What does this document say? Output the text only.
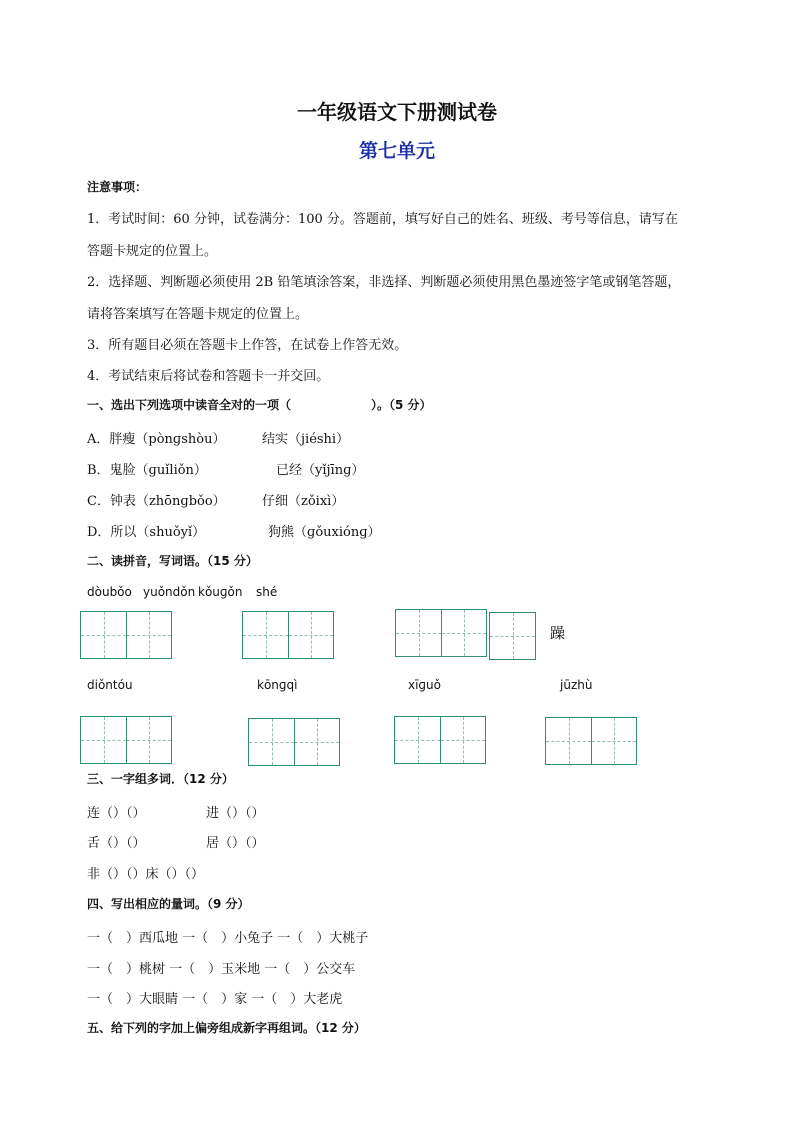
一年级语文下册测试卷
第七单元
注意事项：
1．考试时间：60 分钟，试卷满分：100 分。答题前，填写好自己的姓名、班级、考号等信息，请写在
答题卡规定的位置上。
2．选择题、判断题必须使用 2B 铅笔填涂答案，非选择、判断题必须使用黑色墨迹签字笔或钢笔答题，
请将答案填写在答题卡规定的位置上。
3．所有题目必须在答题卡上作答，在试卷上作答无效。
4．考试结束后将试卷和答题卡一并交回。
一、选出下列选项中读音全对的一项（	）。（5 分）
A．胖瘦（pònɡshòu）	结实（jiéshi）
B．鬼脸（ɡuǐliǒn）	已经（yǐjīnɡ）
C．钟表（zhōnɡbǒo）	仔细（zǒixì）
D．所以（shuǒyǐ）	狗熊（ɡǒuxiónɡ）
二、读拼音，写词语。（15 分）
dòubǒo yuǒndǒn kǒuɡǒn shé
躁
diǒntóu	kōnɡqì	xīɡuǒ	jūzhù
三、一字组多词．（12 分）
连（）（）	进（）（）
舌（）（）	居（）（）
非（）（）床（）（）
四、写出相应的量词。（9 分）
一（　）西瓜地 一（　）小兔子 一（　）大桃子
一（　）桃树 一（　）玉米地 一（　）公交车
一（　）大眼睛 一（　）家 一（　）大老虎
五、给下列的字加上偏旁组成新字再组词。（12 分）
